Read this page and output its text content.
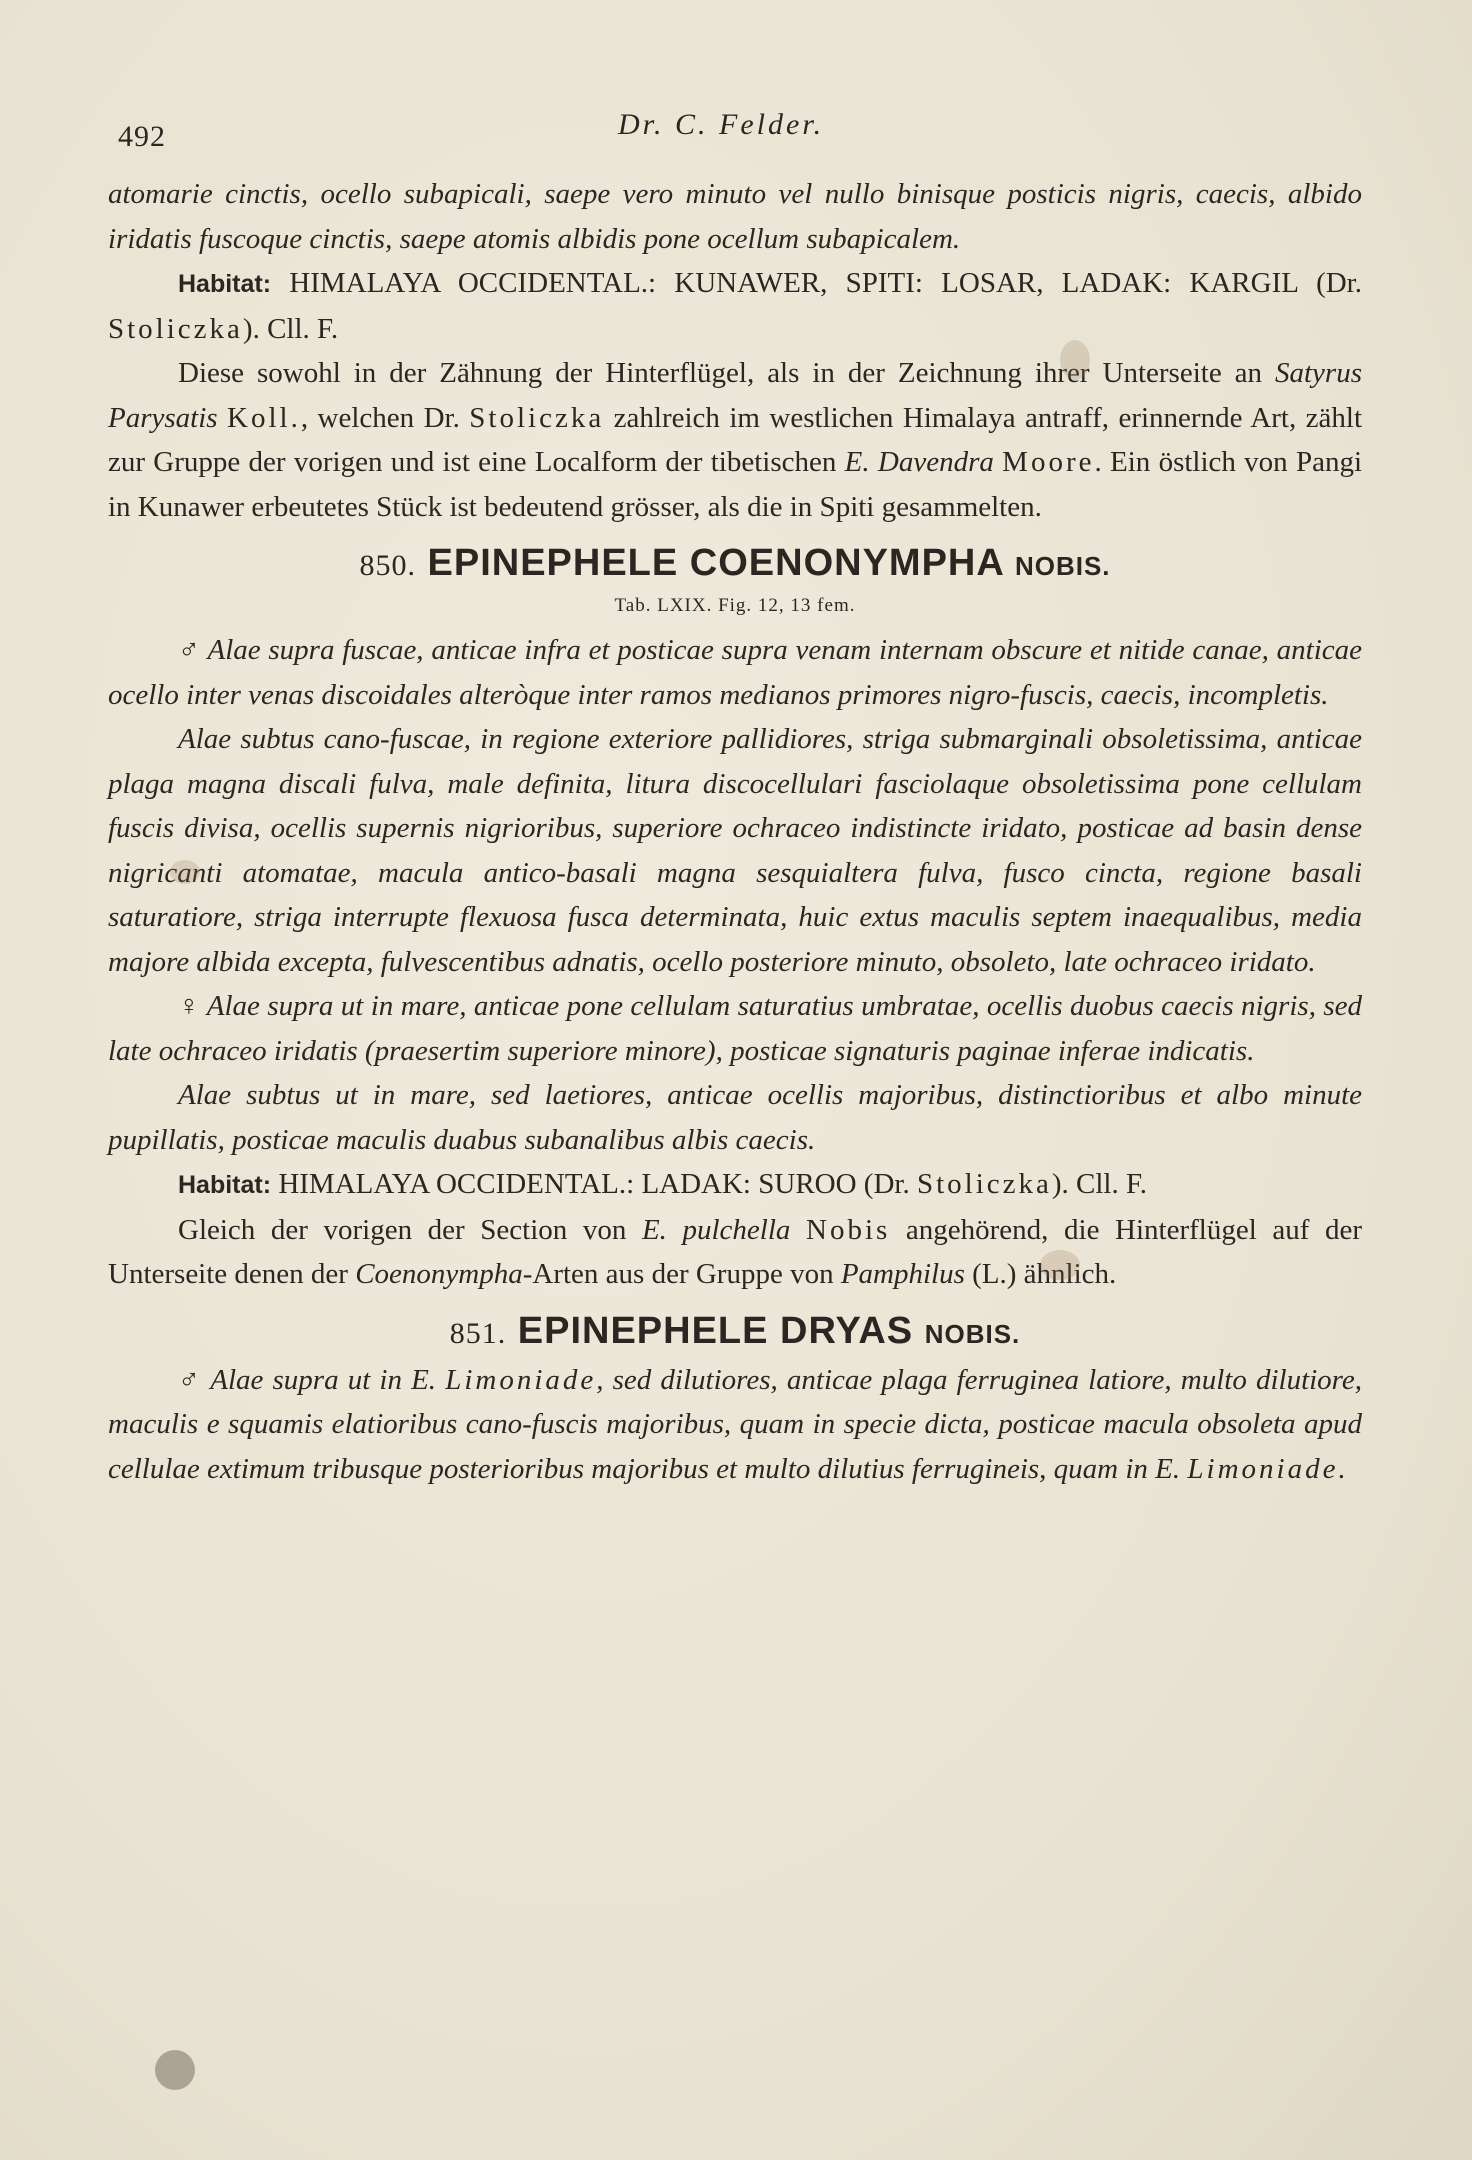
492	Dr. C. Felder.

atomarie cinctis, ocello subapicali, saepe vero minuto vel nullo binisque posticis nigris, caecis, albido iridatis fuscoque cinctis, saepe atomis albidis pone ocellum subapicalem.

Habitat: HIMALAYA OCCIDENTAL.: KUNAWER, SPITI: LOSAR, LADAK: KARGIL (Dr. Stoliczka). Cll. F.

Diese sowohl in der Zähnung der Hinterflügel, als in der Zeichnung ihrer Unterseite an Satyrus Parysatis Koll., welchen Dr. Stoliczka zahlreich im westlichen Himalaya antraff, erinnernde Art, zählt zur Gruppe der vorigen und ist eine Localform der tibetischen E. Davendra Moore. Ein östlich von Pangi in Kunawer erbeutetes Stück ist bedeutend grösser, als die in Spiti gesammelten.

850. EPINEPHELE COENONYMPHA NOBIS.
Tab. LXIX. Fig. 12, 13 fem.

♂ Alae supra fuscae, anticae infra et posticae supra venam internam obscure et nitide canae, anticae ocello inter venas discoidales alteròque inter ramos medianos primores nigro-fuscis, caecis, incompletis.

Alae subtus cano-fuscae, in regione exteriore pallidiores, striga submarginali obsoletissima, anticae plaga magna discali fulva, male definita, litura discocellulari fasciolaque obsoletissima pone cellulam fuscis divisa, ocellis supernis nigrioribus, superiore ochraceo indistincte iridato, posticae ad basin dense nigricanti atomatae, macula antico-basali magna sesquialtera fulva, fusco cincta, regione basali saturatiore, striga interrupte flexuosa fusca determinata, huic extus maculis septem inaequalibus, media majore albida excepta, fulvescentibus adnatis, ocello posteriore minuto, obsoleto, late ochraceo iridato.

♀ Alae supra ut in mare, anticae pone cellulam saturatius umbratae, ocellis duobus caecis nigris, sed late ochraceo iridatis (praesertim superiore minore), posticae signaturis paginae inferae indicatis.

Alae subtus ut in mare, sed laetiores, anticae ocellis majoribus, distinctioribus et albo minute pupillatis, posticae maculis duabus subanalibus albis caecis.

Habitat: HIMALAYA OCCIDENTAL.: LADAK: SUROO (Dr. Stoliczka). Cll. F.

Gleich der vorigen der Section von E. pulchella Nobis angehörend, die Hinterflügel auf der Unterseite denen der Coenonympha-Arten aus der Gruppe von Pamphilus (L.) ähnlich.

851. EPINEPHELE DRYAS NOBIS.

♂ Alae supra ut in E. Limoniade, sed dilutiores, anticae plaga ferruginea latiore, multo dilutiore, maculis e squamis elatioribus cano-fuscis majoribus, quam in specie dicta, posticae macula obsoleta apud cellulae extimum tribusque posterioribus majoribus et multo dilutius ferrugineis, quam in E. Limoniade.
